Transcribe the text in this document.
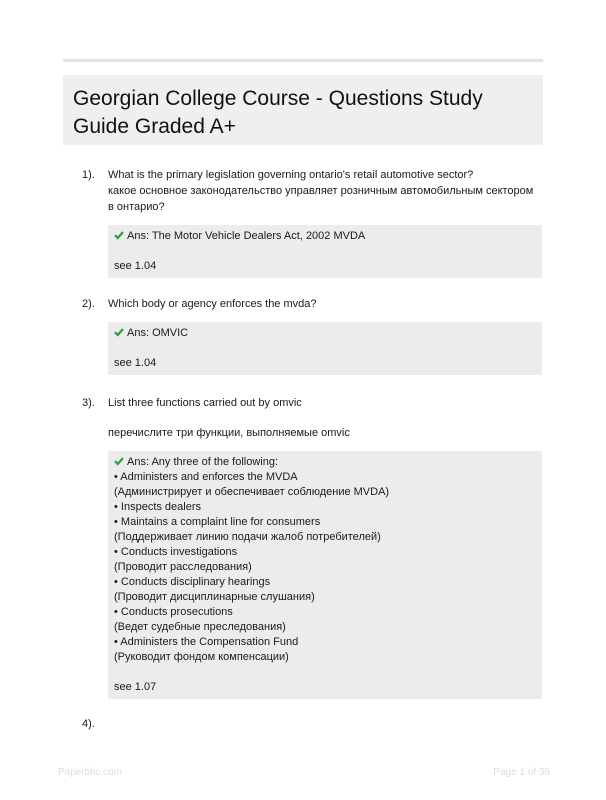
Georgian College Course - Questions Study Guide Graded A+
1). What is the primary legislation governing ontario's retail automotive sector?
какое основное законодательство управляет розничным автомобильным сектором в онтарио?
Ans: The Motor Vehicle Dealers Act, 2002 MVDA
see 1.04
2). Which body or agency enforces the mvda?
Ans: OMVIC
see 1.04
3). List three functions carried out by omvic
перечислите три функции, выполняемые omvic
Ans: Any three of the following:
• Administers and enforces the MVDA
(Администрирует и обеспечивает соблюдение MVDA)
• Inspects dealers
• Maintains a complaint line for consumers
(Поддерживает линию подачи жалоб потребителей)
• Conducts investigations
(Проводит расследования)
• Conducts disciplinary hearings
(Проводит дисциплинарные слушания)
• Conducts prosecutions
(Ведет судебные преследования)
• Administers the Compensation Fund
(Руководит фондом компенсации)
see 1.07
4).
Paperbtic.com	Page 1 of 36
